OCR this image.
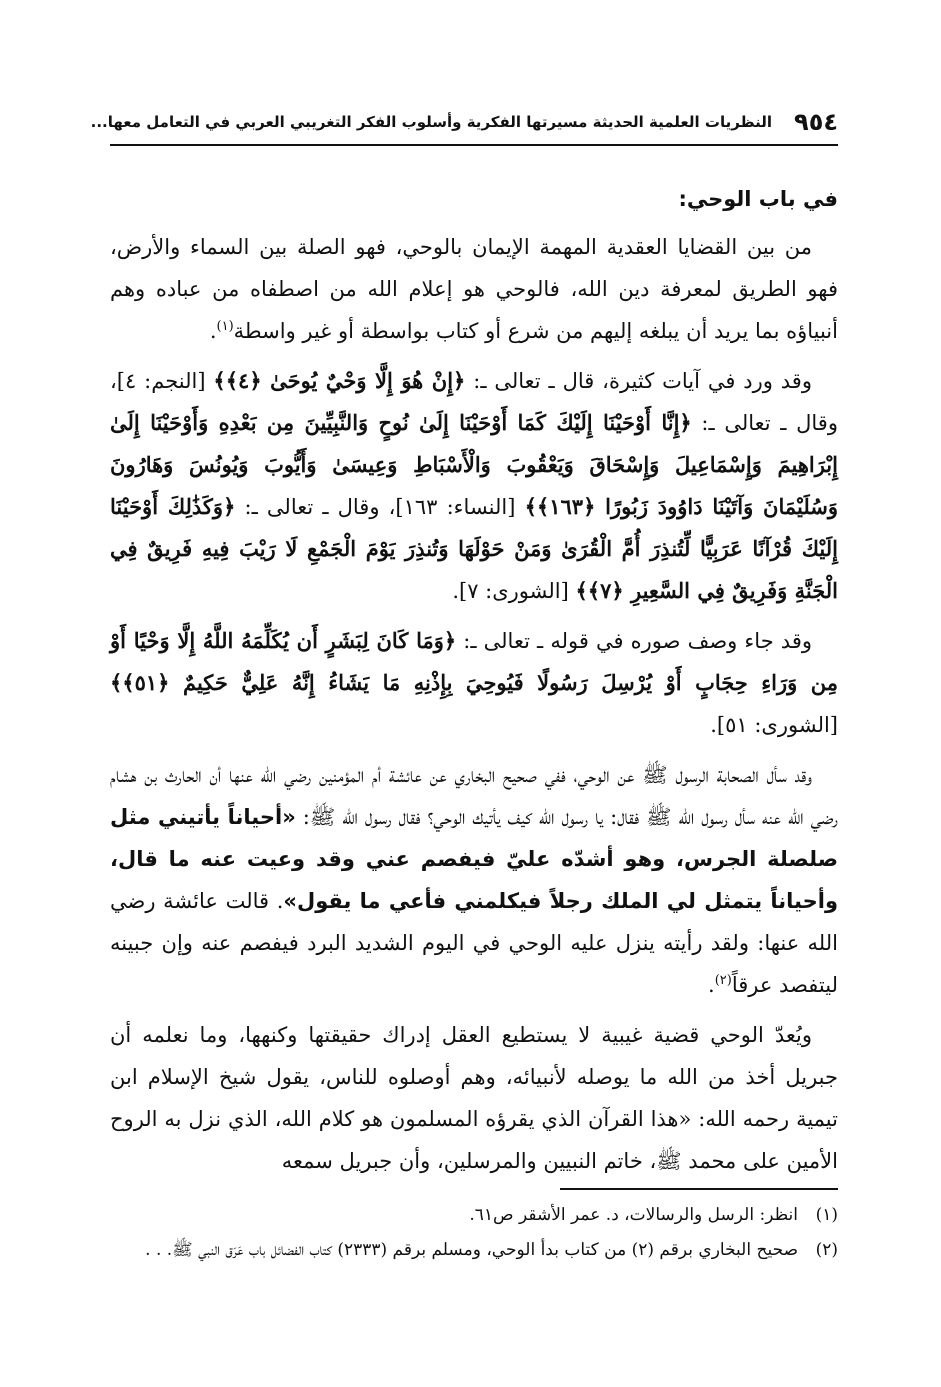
٩٥٤
النظريات العلمية الحديثة مسيرتها الفكرية وأسلوب الفكر التغريبي العربي في التعامل معها...
في باب الوحي:

من بين القضايا العقدية المهمة الإيمان بالوحي، فهو الصلة بين السماء والأرض، فهو الطريق لمعرفة دين الله، فالوحي هو إعلام الله من اصطفاه من عباده وهم أنبياؤه بما يريد أن يبلغه إليهم من شرع أو كتاب بواسطة أو غير واسطة$^{(١)}$.

وقد ورد في آيات كثيرة، قال ـ تعالى ـ: ﴿إِنْ هُوَ إِلَّا وَحْيٌ يُوحَىٰ ﴿٤﴾﴾ [النجم: ٤]، وقال ـ تعالى ـ: ﴿إِنَّا أَوْحَيْنَا إِلَيْكَ كَمَا أَوْحَيْنَا إِلَىٰ نُوحٍ وَالنَّبِيِّينَ مِن بَعْدِهِ وَأَوْحَيْنَا إِلَىٰ إِبْرَاهِيمَ وَإِسْمَاعِيلَ وَإِسْحَاقَ وَيَعْقُوبَ وَالْأَسْبَاطِ وَعِيسَىٰ وَأَيُّوبَ وَيُونُسَ وَهَارُونَ وَسُلَيْمَانَ وَآتَيْنَا دَاوُودَ زَبُورًا ﴿١٦٣﴾﴾ [النساء: ١٦٣]، وقال ـ تعالى ـ: ﴿وَكَذَٰلِكَ أَوْحَيْنَا إِلَيْكَ قُرْآنًا عَرَبِيًّا لِّتُنذِرَ أُمَّ الْقُرَىٰ وَمَنْ حَوْلَهَا وَتُنذِرَ يَوْمَ الْجَمْعِ لَا رَيْبَ فِيهِ فَرِيقٌ فِي الْجَنَّةِ وَفَرِيقٌ فِي السَّعِيرِ ﴿٧﴾﴾ [الشورى: ٧].

وقد جاء وصف صوره في قوله ـ تعالى ـ: ﴿وَمَا كَانَ لِبَشَرٍ أَن يُكَلِّمَهُ اللَّهُ إِلَّا وَحْيًا أَوْ مِن وَرَاءِ حِجَابٍ أَوْ يُرْسِلَ رَسُولًا فَيُوحِيَ بِإِذْنِهِ مَا يَشَاءُ إِنَّهُ عَلِيٌّ حَكِيمٌ ﴿٥١﴾﴾ [الشورى: ٥١].

وقد سأل الصحابة الرسول ﷺ عن الوحي، ففي صحيح البخاري عن عائشة أم المؤمنين رضي الله عنها أن الحارث بن هشام رضي الله عنه سأل رسول الله ﷺ فقال: يا رسول الله كيف يأتيك الوحي؟ فقال رسول الله ﷺ: «أحياناً يأتيني مثل صلصلة الجرس، وهو أشدّه عليّ فيفصم عني وقد وعيت عنه ما قال، وأحياناً يتمثل لي الملك رجلاً فيكلمني فأعي ما يقول». قالت عائشة رضي الله عنها: ولقد رأيته ينزل عليه الوحي في اليوم الشديد البرد فيفصم عنه وإن جبينه ليتفصد عرقاً$^{(٢)}$.

ويُعدّ الوحي قضية غيبية لا يستطيع العقل إدراك حقيقتها وكنهها، وما نعلمه أن جبريل أخذ من الله ما يوصله لأنبيائه، وهم أوصلوه للناس، يقول شيخ الإسلام ابن تيمية رحمه الله: «هذا القرآن الذي يقرؤه المسلمون هو كلام الله، الذي نزل به الروح الأمين على محمد ﷺ، خاتم النبيين والمرسلين، وأن جبريل سمعه

(١)
انظر: الرسل والرسالات، د. عمر الأشقر ص٦١.
(٢)
صحيح البخاري برقم (٢) من كتاب بدأ الوحي، ومسلم برقم (٢٣٣٣) كتاب الفضائل باب عَرَق النبي ﷺ. . .
